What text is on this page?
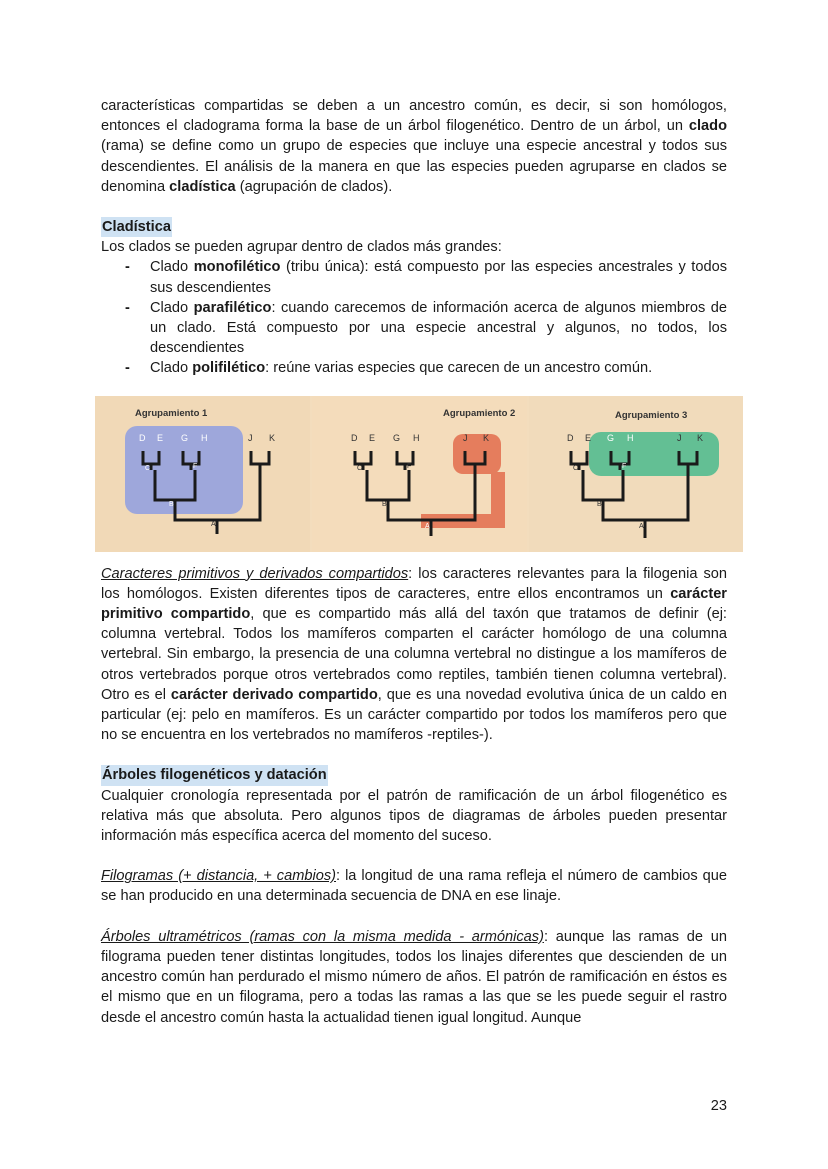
características compartidas se deben a un ancestro común, es decir, si son homólogos, entonces el cladograma forma la base de un árbol filogenético. Dentro de un árbol, un clado (rama) se define como un grupo de especies que incluye una especie ancestral y todos sus descendientes. El análisis de la manera en que las especies pueden agruparse en clados se denomina cladística (agrupación de clados).

Cladística

Los clados se pueden agrupar dentro de clados más grandes:

- Clado monofilético (tribu única): está compuesto por las especies ancestrales y todos sus descendientes
- Clado parafilético: cuando carecemos de información acerca de algunos miembros de un clado. Está compuesto por una especie ancestral y algunos, no todos, los descendientes
- Clado polifilético: reúne varias especies que carecen de un ancestro común.
Agrupamiento 1
D E G H	J K
C	F
B
A
Agrupamiento 2
D E G H	J K
C	F
B
A
Agrupamiento 3
D E G H	J K
C	F
B
A

Caracteres primitivos y derivados compartidos: los caracteres relevantes para la filogenia son los homólogos. Existen diferentes tipos de caracteres, entre ellos encontramos un carácter primitivo compartido, que es compartido más allá del taxón que tratamos de definir (ej: columna vertebral. Todos los mamíferos comparten el carácter homólogo de una columna vertebral. Sin embargo, la presencia de una columna vertebral no distingue a los mamíferos de otros vertebrados porque otros vertebrados como reptiles, también tienen columna vertebral). Otro es el carácter derivado compartido, que es una novedad evolutiva única de un caldo en particular (ej: pelo en mamíferos. Es un carácter compartido por todos los mamíferos pero que no se encuentra en los vertebrados no mamíferos -reptiles-).

Árboles filogenéticos y datación

Cualquier cronología representada por el patrón de ramificación de un árbol filogenético es relativa más que absoluta. Pero algunos tipos de diagramas de árboles pueden presentar información más específica acerca del momento del suceso.

Filogramas (+ distancia, + cambios): la longitud de una rama refleja el número de cambios que se han producido en una determinada secuencia de DNA en ese linaje.

Árboles ultramétricos (ramas con la misma medida - armónicas): aunque las ramas de un filograma pueden tener distintas longitudes, todos los linajes diferentes que descienden de un ancestro común han perdurado el mismo número de años. El patrón de ramificación en éstos es el mismo que en un filograma, pero a todas las ramas a las que se les puede seguir el rastro desde el ancestro común hasta la actualidad tienen igual longitud. Aunque

23
